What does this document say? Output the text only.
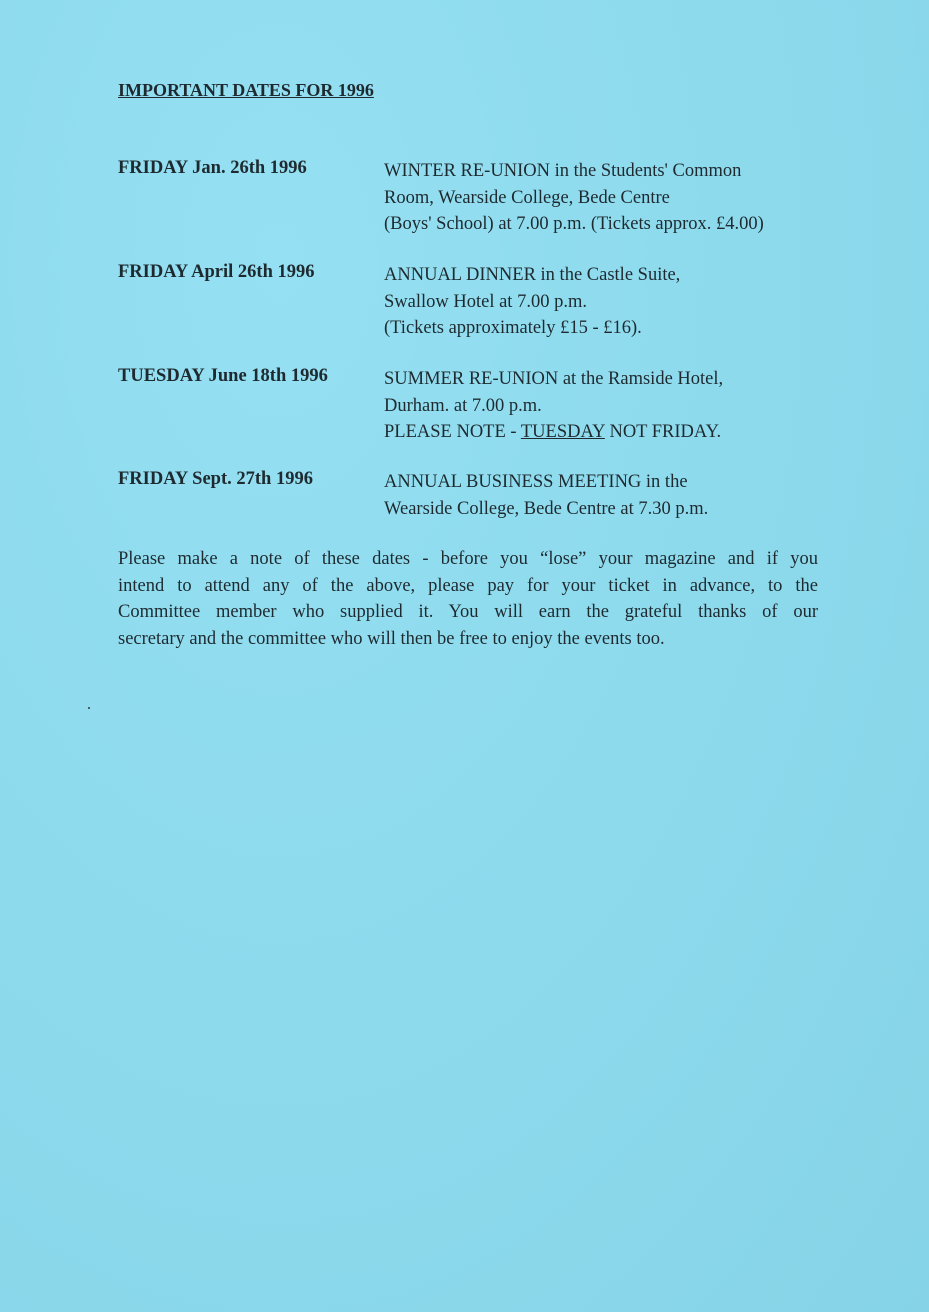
IMPORTANT DATES FOR 1996
FRIDAY Jan. 26th 1996	WINTER RE-UNION in the Students' Common
Room, Wearside College, Bede Centre
(Boys' School) at 7.00 p.m. (Tickets approx. £4.00)
FRIDAY April 26th 1996	ANNUAL DINNER in the Castle Suite,
Swallow Hotel at 7.00 p.m.
(Tickets approximately £15 - £16).
TUESDAY June 18th 1996	SUMMER RE-UNION at the Ramside Hotel,
Durham. at 7.00 p.m.
PLEASE NOTE - TUESDAY NOT FRIDAY.
FRIDAY Sept. 27th 1996	ANNUAL BUSINESS MEETING in the
Wearside College, Bede Centre at 7.30 p.m.
Please make a note of these dates - before you “lose” your magazine and if you
intend to attend any of the above, please pay for your ticket in advance, to the
Committee member who supplied it. You will earn the grateful thanks of our
secretary and the committee who will then be free to enjoy the events too.
